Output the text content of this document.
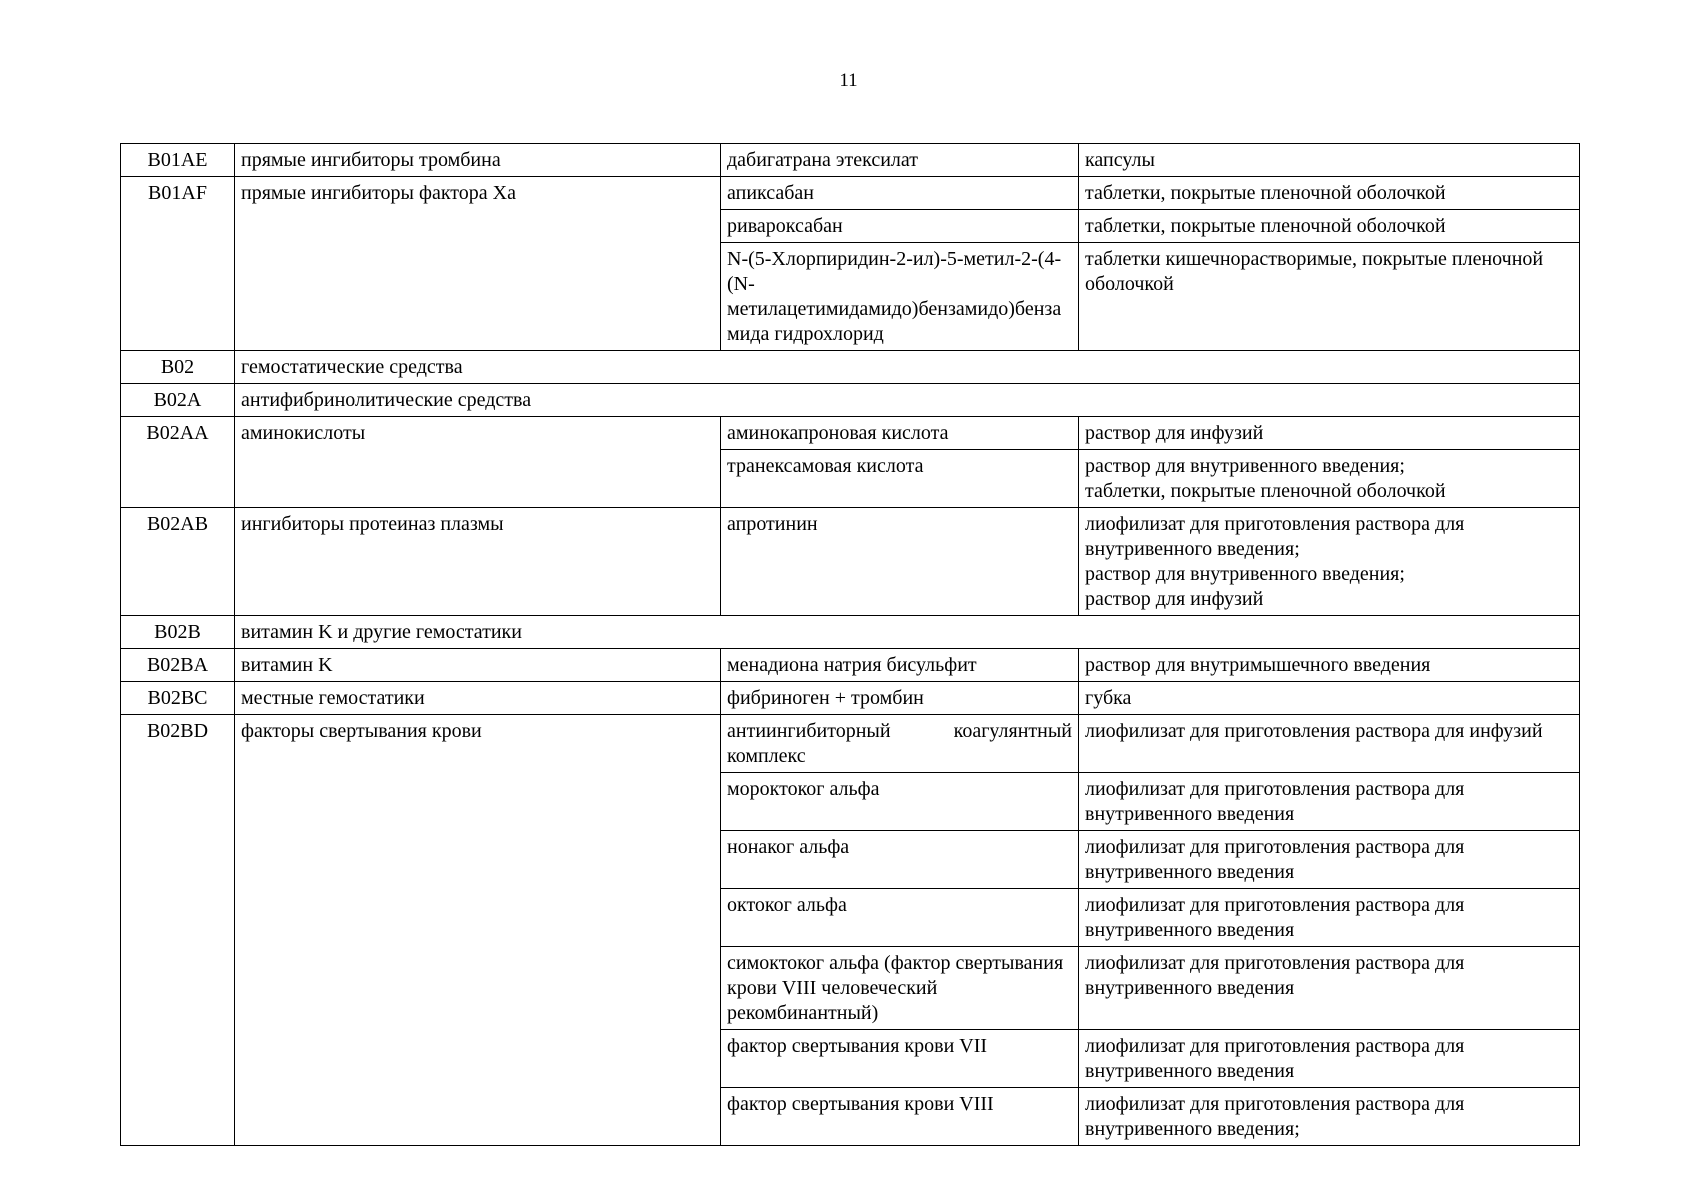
11
B01AE	прямые ингибиторы тромбина	дабигатрана этексилат	капсулы

B01AF	прямые ингибиторы фактора Xa	апиксабан	таблетки, покрытые пленочной оболочкой

		ривароксабан	таблетки, покрытые пленочной оболочкой

		N-(5-Хлорпиридин-2-ил)-5-метил-2-(4-(N-метилацетимидамидо)бензамидо)бензамида гидрохлорид	таблетки кишечнорастворимые, покрытые пленочной оболочкой

B02	гемостатические средства		
B02A	антифибринолитические средства		
B02AA	аминокислоты	аминокапроновая кислота	раствор для инфузий

		транексамовая кислота	раствор для внутривенного введения;
таблетки, покрытые пленочной оболочкой

B02AB	ингибиторы протеиназ плазмы	апротинин	лиофилизат для приготовления раствора для внутривенного введения;
раствор для внутривенного введения;
раствор для инфузий

B02B	витамин K и другие гемостатики		
B02BA	витамин K	менадиона натрия бисульфит	раствор для внутримышечного введения

B02BC	местные гемостатики	фибриноген + тромбин	губка

B02BD	факторы свертывания крови	антиингибиторный коагулянтный
комплекс	лиофилизат для приготовления раствора для инфузий

		мороктоког альфа	лиофилизат для приготовления раствора для внутривенного введения

		нонаког альфа	лиофилизат для приготовления раствора для внутривенного введения

		октоког альфа	лиофилизат для приготовления раствора для внутривенного введения

		симоктоког альфа (фактор свертывания крови VIII человеческий рекомбинантный)	лиофилизат для приготовления раствора для внутривенного введения

		фактор свертывания крови VII	лиофилизат для приготовления раствора для внутривенного введения

		фактор свертывания крови VIII	лиофилизат для приготовления раствора для внутривенного введения;
